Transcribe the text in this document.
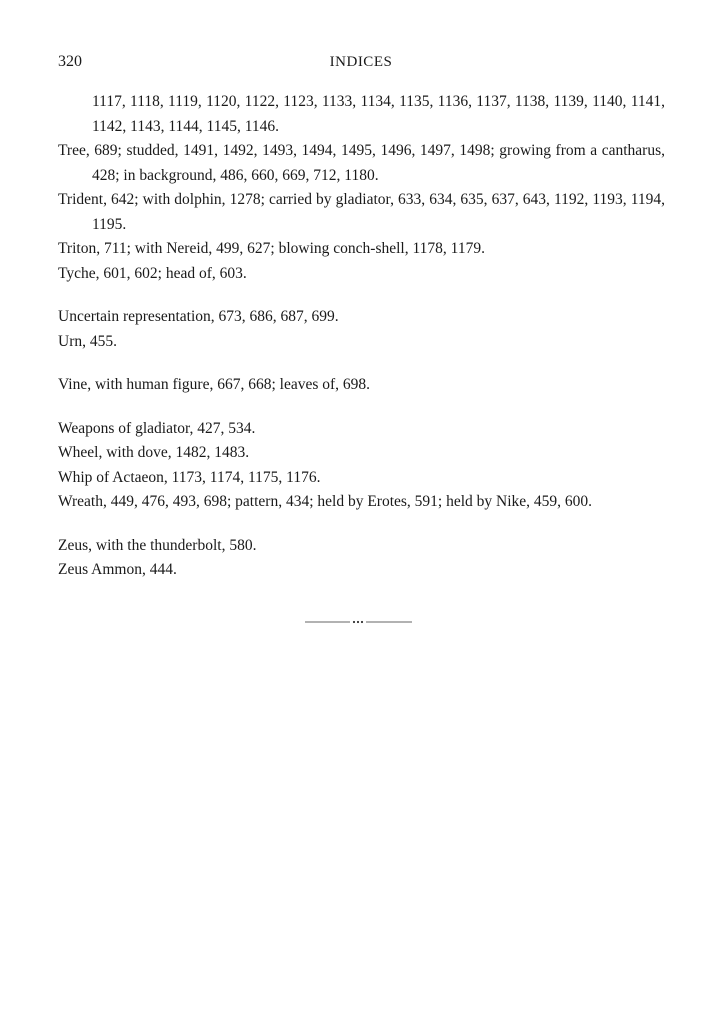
320	INDICES

1117, 1118, 1119, 1120, 1122, 1123, 1133, 1134, 1135, 1136, 1137, 1138, 1139, 1140, 1141, 1142, 1143, 1144, 1145, 1146.

Tree, 689; studded, 1491, 1492, 1493, 1494, 1495, 1496, 1497, 1498; growing from a cantharus, 428; in background, 486, 660, 669, 712, 1180.

Trident, 642; with dolphin, 1278; carried by gladiator, 633, 634, 635, 637, 643, 1192, 1193, 1194, 1195.

Triton, 711; with Nereid, 499, 627; blowing conch-shell, 1178, 1179.

Tyche, 601, 602; head of, 603.

Uncertain representation, 673, 686, 687, 699.

Urn, 455.

Vine, with human figure, 667, 668; leaves of, 698.

Weapons of gladiator, 427, 534.

Wheel, with dove, 1482, 1483.

Whip of Actaeon, 1173, 1174, 1175, 1176.

Wreath, 449, 476, 493, 698; pattern, 434; held by Erotes, 591; held by Nike, 459, 600.

Zeus, with the thunderbolt, 580.

Zeus Ammon, 444.
